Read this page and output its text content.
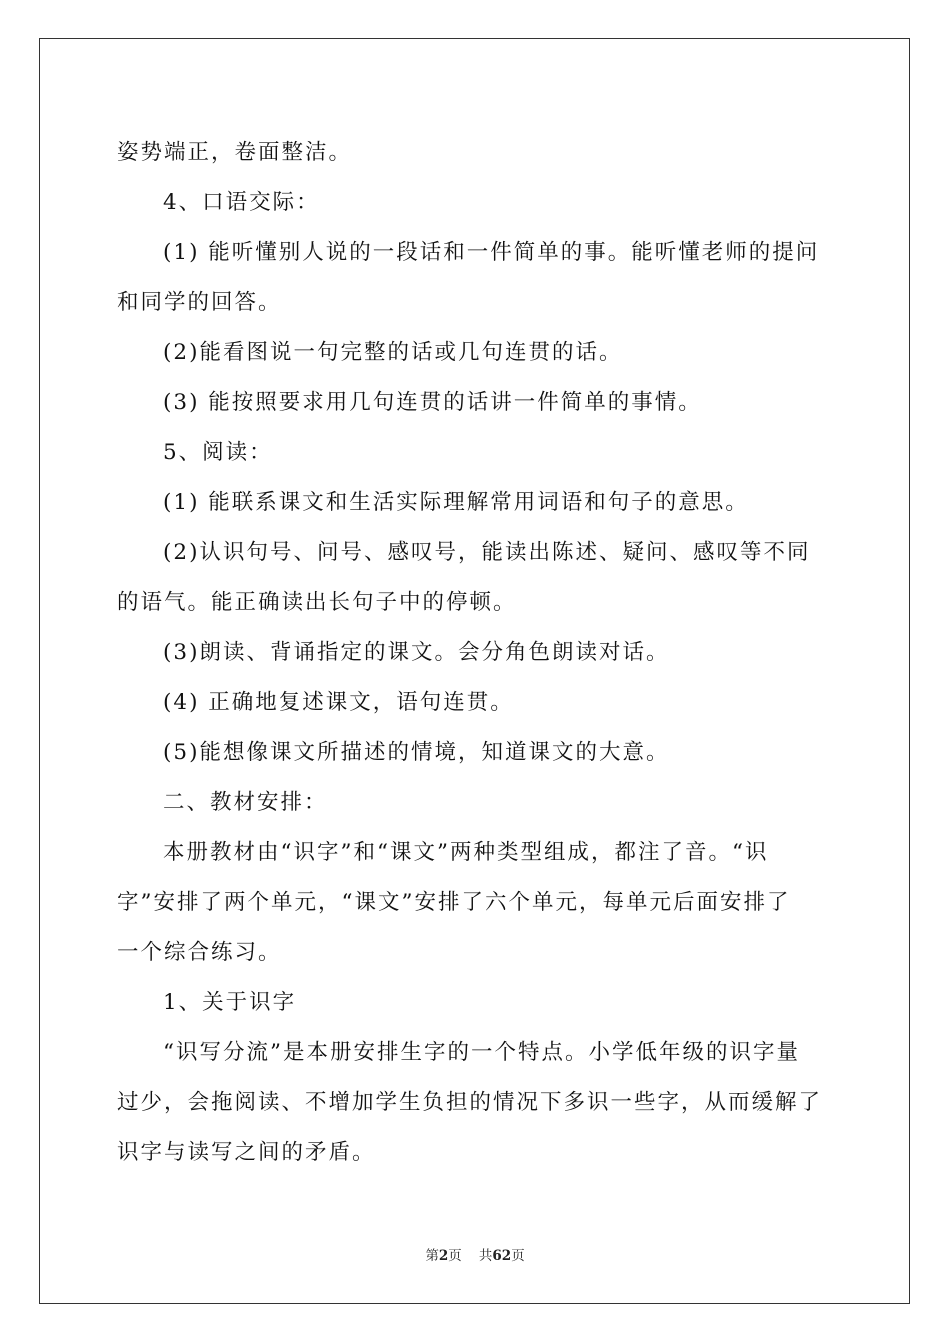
姿势端正，卷面整洁。
4、口语交际：
(1) 能听懂别人说的一段话和一件简单的事。能听懂老师的提问
和同学的回答。
(2)能看图说一句完整的话或几句连贯的话。
(3) 能按照要求用几句连贯的话讲一件简单的事情。
5、阅读：
(1) 能联系课文和生活实际理解常用词语和句子的意思。
(2)认识句号、问号、感叹号，能读出陈述、疑问、感叹等不同
的语气。能正确读出长句子中的停顿。
(3)朗读、背诵指定的课文。会分角色朗读对话。
(4) 正确地复述课文，语句连贯。
(5)能想像课文所描述的情境，知道课文的大意。
二、教材安排：
本册教材由“识字”和“课文”两种类型组成，都注了音。“识
字”安排了两个单元，“课文”安排了六个单元，每单元后面安排了
一个综合练习。
1、关于识字
“识写分流”是本册安排生字的一个特点。小学低年级的识字量
过少，会拖阅读、不增加学生负担的情况下多识一些字，从而缓解了
识字与读写之间的矛盾。
第2页 共62页
